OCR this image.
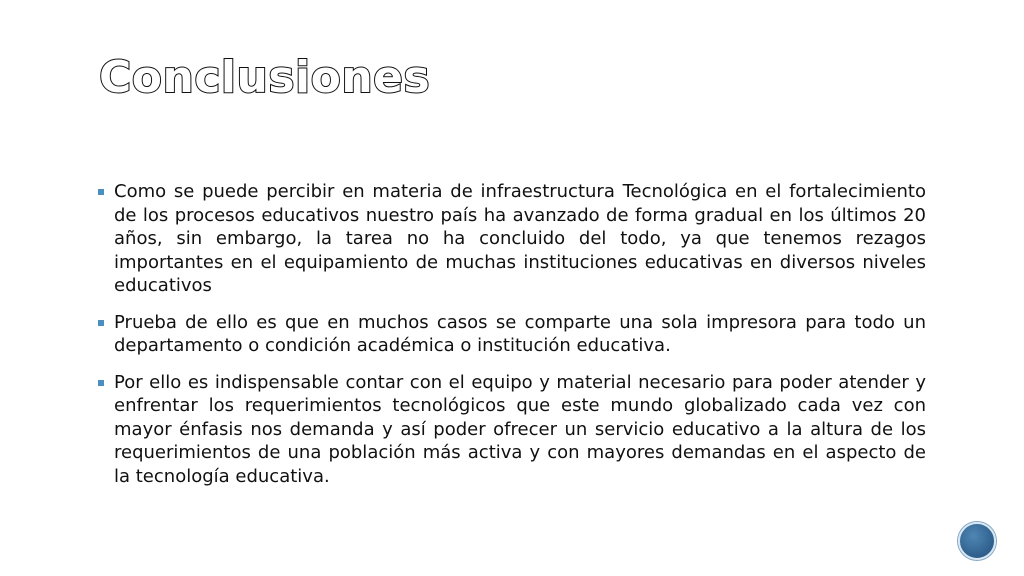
Conclusiones
Como se puede percibir en materia de infraestructura Tecnológica en el fortalecimiento de los procesos educativos nuestro país ha avanzado de forma gradual en los últimos 20 años, sin embargo, la tarea no ha concluido del todo, ya que tenemos rezagos importantes en el equipamiento de muchas instituciones educativas en diversos niveles educativos
Prueba de ello es que en muchos casos se comparte una sola impresora para todo un departamento o condición académica o institución educativa.
Por ello es indispensable contar con el equipo y material necesario para poder atender y enfrentar los requerimientos tecnológicos que este mundo globalizado cada vez con mayor énfasis nos demanda y así poder ofrecer un servicio educativo a la altura de los requerimientos de una población más activa y con mayores demandas en el aspecto de la tecnología educativa.
